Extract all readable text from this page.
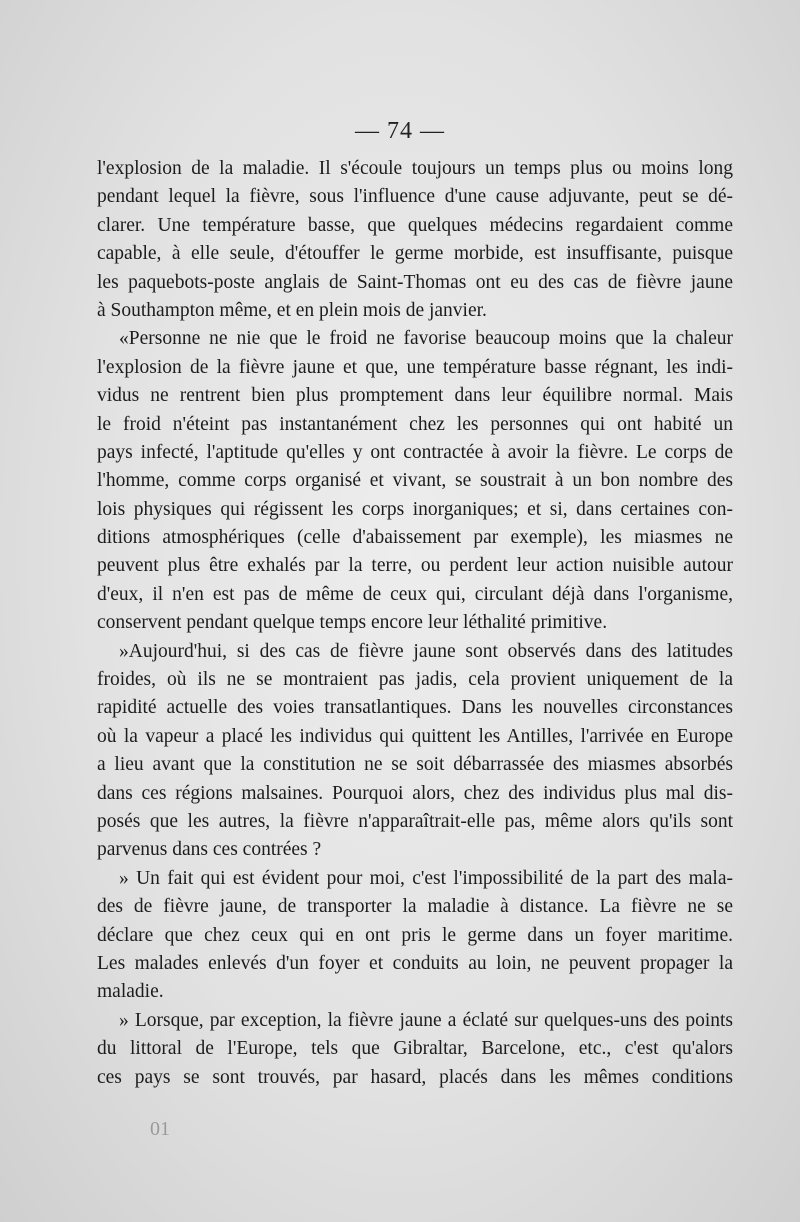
— 74 —
l'explosion de la maladie. Il s'écoule toujours un temps plus ou moins long
pendant lequel la fièvre, sous l'influence d'une cause adjuvante, peut se dé-
clarer. Une température basse, que quelques médecins regardaient comme
capable, à elle seule, d'étouffer le germe morbide, est insuffisante, puisque
les paquebots-poste anglais de Saint-Thomas ont eu des cas de fièvre jaune
à Southampton même, et en plein mois de janvier.
«Personne ne nie que le froid ne favorise beaucoup moins que la chaleur
l'explosion de la fièvre jaune et que, une température basse régnant, les indi-
vidus ne rentrent bien plus promptement dans leur équilibre normal. Mais
le froid n'éteint pas instantanément chez les personnes qui ont habité un
pays infecté, l'aptitude qu'elles y ont contractée à avoir la fièvre. Le corps de
l'homme, comme corps organisé et vivant, se soustrait à un bon nombre des
lois physiques qui régissent les corps inorganiques; et si, dans certaines con-
ditions atmosphériques (celle d'abaissement par exemple), les miasmes ne
peuvent plus être exhalés par la terre, ou perdent leur action nuisible autour
d'eux, il n'en est pas de même de ceux qui, circulant déjà dans l'organisme,
conservent pendant quelque temps encore leur léthalité primitive.
»Aujourd'hui, si des cas de fièvre jaune sont observés dans des latitudes
froides, où ils ne se montraient pas jadis, cela provient uniquement de la
rapidité actuelle des voies transatlantiques. Dans les nouvelles circonstances
où la vapeur a placé les individus qui quittent les Antilles, l'arrivée en Europe
a lieu avant que la constitution ne se soit débarrassée des miasmes absorbés
dans ces régions malsaines. Pourquoi alors, chez des individus plus mal dis-
posés que les autres, la fièvre n'apparaîtrait-elle pas, même alors qu'ils sont
parvenus dans ces contrées ?
» Un fait qui est évident pour moi, c'est l'impossibilité de la part des mala-
des de fièvre jaune, de transporter la maladie à distance. La fièvre ne se
déclare que chez ceux qui en ont pris le germe dans un foyer maritime.
Les malades enlevés d'un foyer et conduits au loin, ne peuvent propager la
maladie.
» Lorsque, par exception, la fièvre jaune a éclaté sur quelques-uns des points
du littoral de l'Europe, tels que Gibraltar, Barcelone, etc., c'est qu'alors
ces pays se sont trouvés, par hasard, placés dans les mêmes conditions
01
